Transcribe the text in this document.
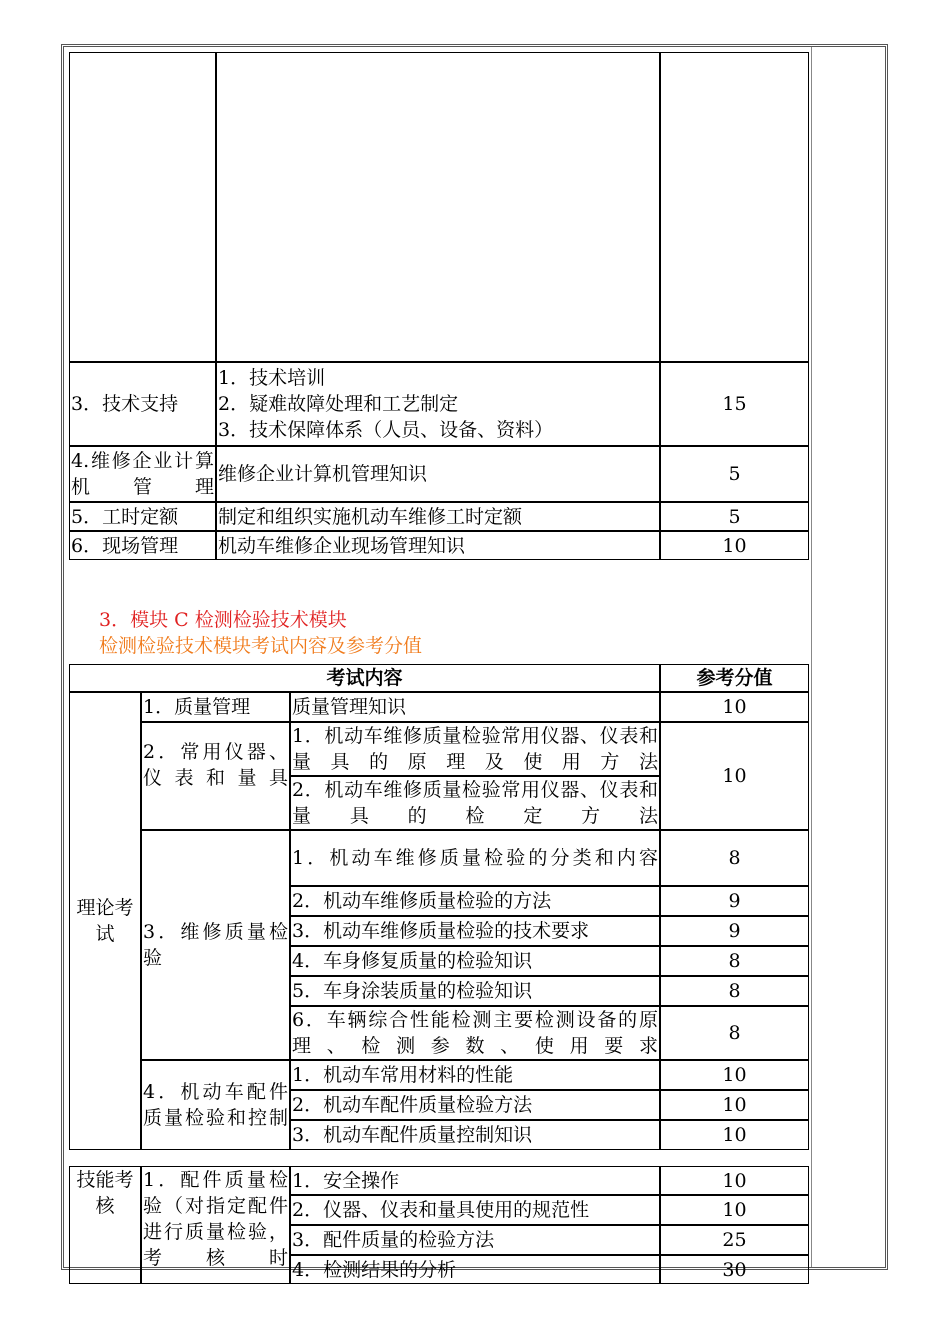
3．技术支持	1．技术培训
2．疑难故障处理和工艺制定
3．技术保障体系（人员、设备、资料）	15
4.维修企业计算机管理	维修企业计算机管理知识	5
5．工时定额	制定和组织实施机动车维修工时定额	5
6．现场管理	机动车维修企业现场管理知识	10
3．模块 C 检测检验技术模块
检测检验技术模块考试内容及参考分值
考试内容			参考分值
理论考试	1．质量管理	质量管理知识	10
	2．常用仪器、仪表和量具	1．机动车维修质量检验常用仪器、仪表和量具的原理及使用方法	10
		2．机动车维修质量检验常用仪器、仪表和量具的检定方法	
	3．维修质量检验	1．机动车维修质量检验的分类和内容	8
		2．机动车维修质量检验的方法	9
		3．机动车维修质量检验的技术要求	9
		4．车身修复质量的检验知识	8
		5．车身涂装质量的检验知识	8
		6．车辆综合性能检测主要检测设备的原理、检测参数、使用要求	8
	4．机动车配件质量检验和控制	1．机动车常用材料的性能	10
		2．机动车配件质量检验方法	10
		3．机动车配件质量控制知识	10
技能考核	1．配件质量检验（对指定配件进行质量检验，考核时	1．安全操作	10
		2．仪器、仪表和量具使用的规范性	10
		3．配件质量的检验方法	25
		4．检测结果的分析	30
